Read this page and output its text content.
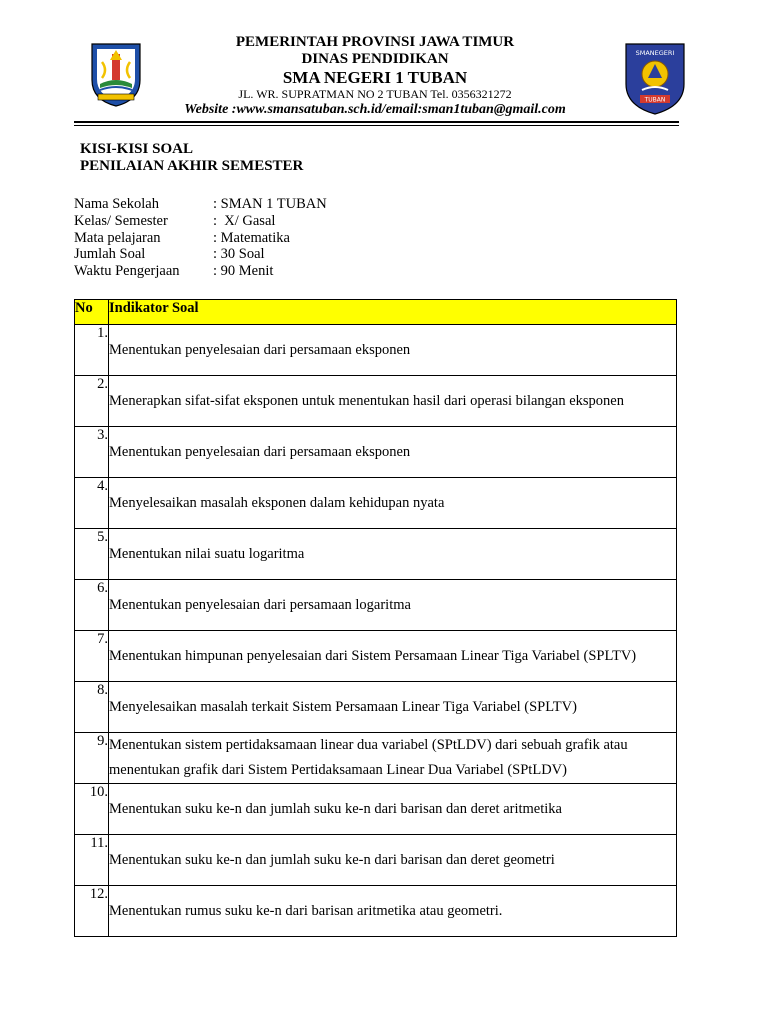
PEMERINTAH PROVINSI JAWA TIMUR
DINAS PENDIDIKAN
SMA NEGERI 1 TUBAN
JL. WR. SUPRATMAN NO 2 TUBAN Tel. 0356321272
Website :www.smansatuban.sch.id/email:sman1tuban@gmail.com
SMANEGERI
TUBAN
KISI-KISI SOAL
PENILAIAN AKHIR SEMESTER
Nama Sekolah	: SMAN 1 TUBAN
Kelas/ Semester	:  X/ Gasal
Mata pelajaran	: Matematika
Jumlah Soal	: 30 Soal
Waktu Pengerjaan	: 90 Menit
No	Indikator Soal
1.	Menentukan penyelesaian dari persamaan eksponen
2.	Menerapkan sifat-sifat eksponen untuk menentukan hasil dari operasi bilangan eksponen
3.	Menentukan penyelesaian dari persamaan eksponen
4.	Menyelesaikan masalah eksponen dalam kehidupan nyata
5.	Menentukan nilai suatu logaritma
6.	Menentukan penyelesaian dari persamaan logaritma
7.	Menentukan himpunan penyelesaian dari Sistem Persamaan Linear Tiga Variabel (SPLTV)
8.	Menyelesaikan masalah terkait Sistem Persamaan Linear Tiga Variabel (SPLTV)
9.	Menentukan sistem pertidaksamaan linear dua variabel (SPtLDV) dari sebuah grafik atau menentukan grafik dari Sistem Pertidaksamaan Linear Dua Variabel (SPtLDV)
10.	Menentukan suku ke-n dan jumlah suku ke-n dari barisan dan deret aritmetika
11.	Menentukan suku ke-n dan jumlah suku ke-n dari barisan dan deret geometri
12.	Menentukan rumus suku ke-n dari barisan aritmetika atau geometri.
